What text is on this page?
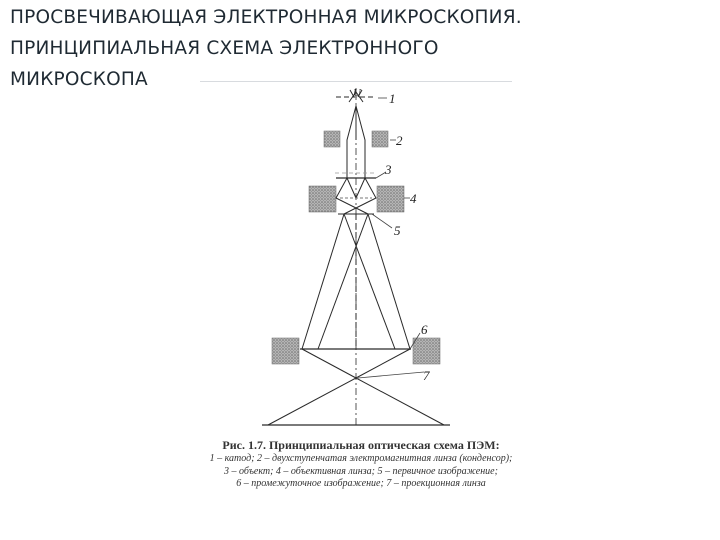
ПРОСВЕЧИВАЮЩАЯ ЭЛЕКТРОННАЯ МИКРОСКОПИЯ.
ПРИНЦИПИАЛЬНАЯ СХЕМА ЭЛЕКТРОННОГО
МИКРОСКОПА
U 1
2
3
4
5
6
7
Рис. 1.7. Принципиальная оптическая схема ПЭМ:
1 – катод; 2 – двухступенчатая электромагнитная линза (конденсор);
3 – объект; 4 – объективная линза; 5 – первичное изображение;
6 – промежуточное изображение; 7 – проекционная линза
